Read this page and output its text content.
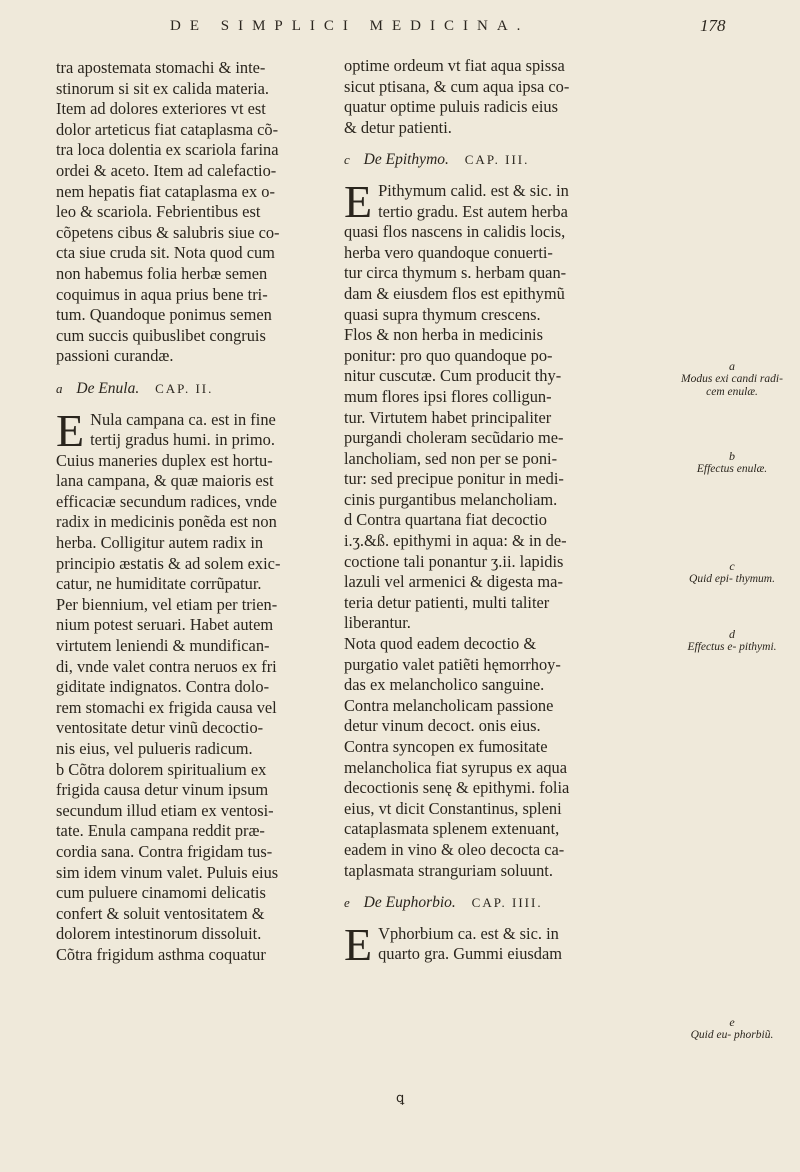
DE SIMPLICI MEDICINA.	178

tra apostemata stomachi & inte-
stinorum si sit ex calida materia.
Item ad dolores exteriores vt est
dolor arteticus fiat cataplasma cõ-
tra loca dolentia ex scariola farina
ordei & aceto. Item ad calefactio-
nem hepatis fiat cataplasma ex o-
leo & scariola. Febrientibus est
cõpetens cibus & salubris siue co-
cta siue cruda sit. Nota quod cum
non habemus folia herbæ semen
coquimus in aqua prius bene tri-
tum. Quandoque ponimus semen
cum succis quibuslibet congruis
passioni curandæ.

a De Enula. CAP. II.

E Nula campana ca. est in fine
tertij gradus humi. in primo.
Cuius maneries duplex est hortu-
lana campana, & quæ maioris est
efficaciæ secundum radices, vnde
radix in medicinis ponẽda est non
herba. Colligitur autem radix in
principio æstatis & ad solem exic-
catur, ne humiditate corrũpatur.
Per biennium, vel etiam per trien-
nium potest seruari. Habet autem
virtutem leniendi & mundifican-
di, vnde valet contra neruos ex fri
giditate indignatos. Contra dolo-
rem stomachi ex frigida causa vel
ventositate detur vinũ decoctio-
nis eius, vel pulueris radicum.
b Cõtra dolorem spiritualium ex
frigida causa detur vinum ipsum
secundum illud etiam ex ventosi-
tate. Enula campana reddit præ-
cordia sana. Contra frigidam tus-
sim idem vinum valet. Puluis eius
cum puluere cinamomi delicatis
confert & soluit ventositatem &
dolorem intestinorum dissoluit.
Cõtra frigidum asthma coquatur

optime ordeum vt fiat aqua spissa
sicut ptisana, & cum aqua ipsa co-
quatur optime puluis radicis eius
& detur patienti.

c De Epithymo. CAP. III.

E Pithymum calid. est & sic. in
tertio gradu. Est autem herba
quasi flos nascens in calidis locis,
herba vero quandoque conuerti-
tur circa thymum s. herbam quan-
dam & eiusdem flos est epithymũ
quasi supra thymum crescens.
Flos & non herba in medicinis
ponitur: pro quo quandoque po-
nitur cuscutæ. Cum producit thy-
mum flores ipsi flores colligun-
tur. Virtutem habet principaliter
purgandi choleram secũdario me-
lancholiam, sed non per se poni-
tur: sed precipue ponitur in medi-
cinis purgantibus melancholiam.
d Contra quartana fiat decoctio
i.ʒ.&ß. epithymi in aqua: & in de-
coctione tali ponantur ʒ.ii. lapidis
lazuli vel armenici & digesta ma-
teria detur patienti, multi taliter
liberantur.
Nota quod eadem decoctio &
purgatio valet patiẽti hęmorrhoy-
das ex melancholico sanguine.
Contra melancholicam passione
detur vinum decoct. onis eius.
Contra syncopen ex fumositate
melancholica fiat syrupus ex aqua
decoctionis senę & epithymi. folia
eius, vt dicit Constantinus, spleni
cataplasmata splenem extenuant,
eadem in vino & oleo decocta ca-
taplasmata stranguriam soluunt.

e De Euphorbio. CAP. IIII.

E Vphorbium ca. est & sic. in
quarto gra. Gummi eiusdam

a
Modus exi candi radi- cem enulæ.
b
Effectus enulæ.
c
Quid epi- thymum.
d
Effectus e- pithymi.
e
Quid eu- phorbiũ.
ꝗ
